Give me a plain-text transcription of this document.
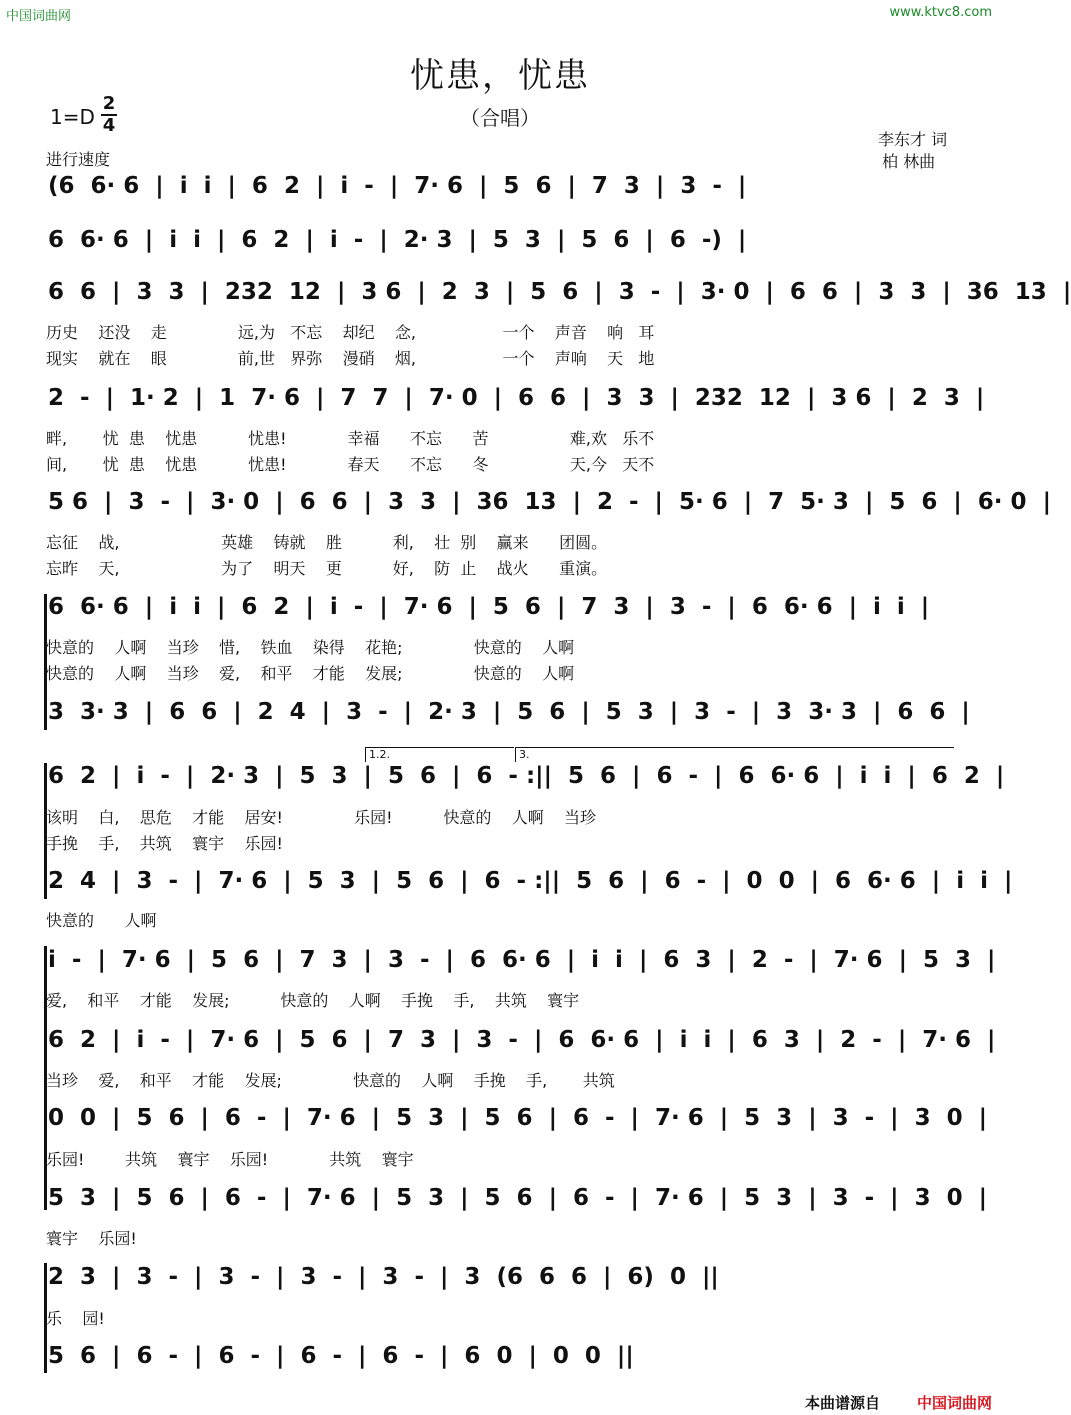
中国词曲网	www.ktvc8.com
忧患，忧患
（合唱）
1=D
2
4
进行速度
李东才 词
柏 林曲
1.2.	3.
(6  6· 6  |  i  i  |  6  2  |  i  -  |  7· 6  |  5  6  |  7  3  |  3  -  |
6  6· 6  |  i  i  |  6  2  |  i  -  |  2· 3  |  5  3  |  5  6  |  6  -)  |
6  6  |  3  3  |  232  12  |  3 6  |  2  3  |  5  6  |  3  -  |  3· 0  |  6  6  |  3  3  |  36  13  |
2  -  |  1· 2  |  1  7· 6  |  7  7  |  7· 0  |  6  6  |  3  3  |  232  12  |  3 6  |  2  3  |
5 6  |  3  -  |  3· 0  |  6  6  |  3  3  |  36  13  |  2  -  |  5· 6  |  7  5· 3  |  5  6  |  6· 0  |
6  6· 6  |  i  i  |  6  2  |  i  -  |  7· 6  |  5  6  |  7  3  |  3  -  |  6  6· 6  |  i  i  |
3  3· 3  |  6  6  |  2  4  |  3  -  |  2· 3  |  5  6  |  5  3  |  3  -  |  3  3· 3  |  6  6  |
6  2  |  i  -  |  2· 3  |  5  3  |  5  6  |  6  - :||  5  6  |  6  -  |  6  6· 6  |  i  i  |  6  2  |
2  4  |  3  -  |  7· 6  |  5  3  |  5  6  |  6  - :||  5  6  |  6  -  |  0  0  |  6  6· 6  |  i  i  |
i  -  |  7· 6  |  5  6  |  7  3  |  3  -  |  6  6· 6  |  i  i  |  6  3  |  2  -  |  7· 6  |  5  3  |
6  2  |  i  -  |  7· 6  |  5  6  |  7  3  |  3  -  |  6  6· 6  |  i  i  |  6  3  |  2  -  |  7· 6  |
0  0  |  5  6  |  6  -  |  7· 6  |  5  3  |  5  6  |  6  -  |  7· 6  |  5  3  |  3  -  |  3  0  |
5  3  |  5  6  |  6  -  |  7· 6  |  5  3  |  5  6  |  6  -  |  7· 6  |  5  3  |  3  -  |  3  0  |
2  3  |  3  -  |  3  -  |  3  -  |  3  -  |  3  (6  6  6  |  6)  0  ||
5  6  |  6  -  |  6  -  |  6  -  |  6  -  |  6  0  |  0  0  ||
历史    还没    走              远,为   不忘    却纪    念,                 一个    声音    响   耳
现实    就在    眼              前,世   界弥    漫硝    烟,                 一个    声响    天   地
畔,       忧  患    忧患          忧患!            幸福      不忘      苦                难,欢   乐不
间,       忧  患    忧患          忧患!            春天      不忘      冬                天,今   天不
忘征    战,                    英雄    铸就    胜          利,    壮  别    赢来      团圆。
忘昨    天,                    为了    明天    更          好,    防  止    战火      重演。
快意的    人啊    当珍    惜,    铁血    染得    花艳;              快意的    人啊
快意的    人啊    当珍    爱,    和平    才能    发展;              快意的    人啊
该明    白,    思危    才能    居安!              乐园!          快意的    人啊    当珍
手挽    手,    共筑    寰宇    乐园!
快意的      人啊
爱,    和平    才能    发展;          快意的    人啊    手挽    手,    共筑    寰宇
当珍    爱,    和平    才能    发展;              快意的    人啊    手挽    手,       共筑
乐园!        共筑    寰宇    乐园!            共筑    寰宇
寰宇    乐园!
乐    园!
本曲谱源自 中国词曲网
